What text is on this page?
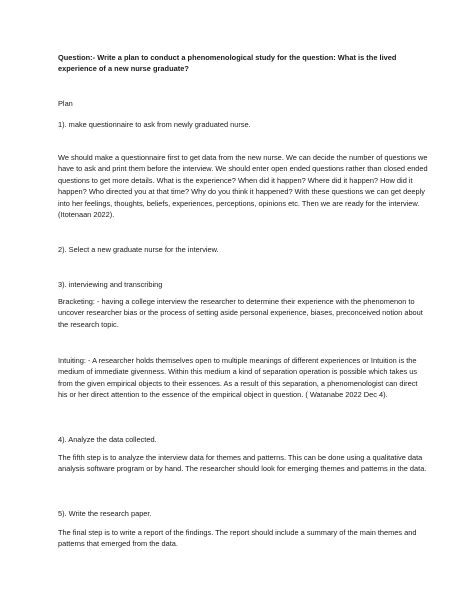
Question:- Write a plan to conduct a phenomenological study for the question: What is the lived experience of a new nurse graduate?

Plan

1). make questionnaire to ask from newly graduated nurse.

We should make a questionnaire first to get data from the new nurse. We can decide the number of questions we have to ask and print them before the interview. We should enter open ended questions rather than closed ended questions to get more details. What is the experience? When did it happen? Where did it happen? How did it happen? Who directed you at that time? Why do you think it happened? With these questions we can get deeply into her feelings, thoughts, beliefs, experiences, perceptions, opinions etc. Then we are ready for the interview. (Itotenaan 2022).

2). Select a new graduate nurse for the interview.

3). interviewing and transcribing

Bracketing: - having a college interview the researcher to determine their experience with the phenomenon to uncover researcher bias or the process of setting aside personal experience, biases, preconceived notion about the research topic.

Intuiting: - A researcher holds themselves open to multiple meanings of different experiences or Intuition is the medium of immediate givenness. Within this medium a kind of separation operation is possible which takes us from the given empirical objects to their essences. As a result of this separation, a phenomenologist can direct his or her direct attention to the essence of the empirical object in question. ( Watanabe 2022 Dec 4).

4). Analyze the data collected.

The fifth step is to analyze the interview data for themes and patterns. This can be done using a qualitative data analysis software program or by hand. The researcher should look for emerging themes and patterns in the data.

5). Write the research paper.

The final step is to write a report of the findings. The report should include a summary of the main themes and patterns that emerged from the data.
